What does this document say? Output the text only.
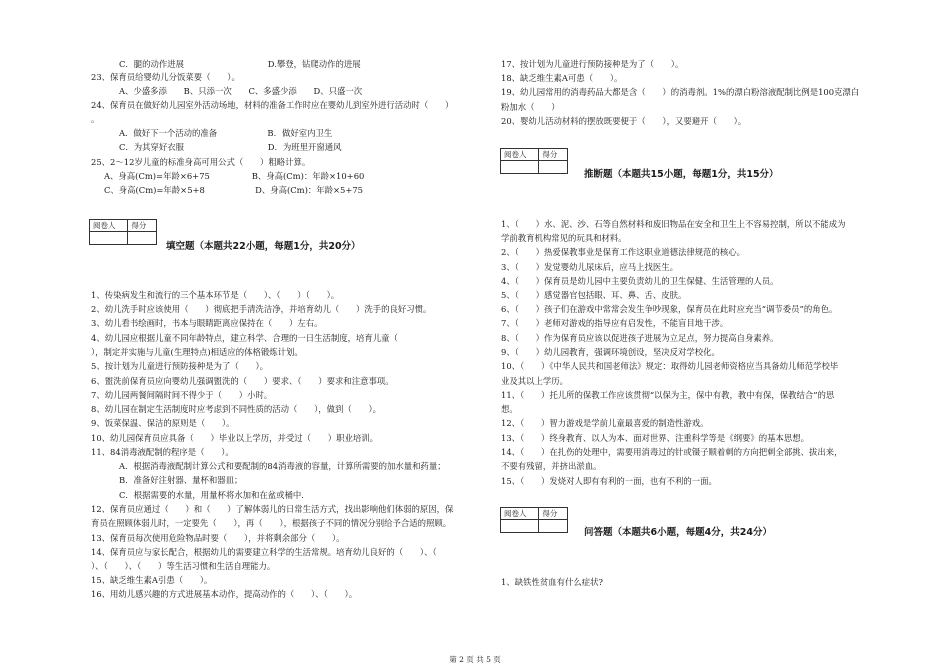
C．腿的动作进展　　　　　　　　　　D.攀登，钻爬动作的进展
23、保育员给婴幼儿分饭菜要（　　）。
A、少盛多添　　B、只添一次　　C、多盛少添　　D、只盛一次
24、保育员在做好幼儿园室外活动场地，材料的准备工作时应在婴幼儿到室外进行活动时（　　）
。
A．做好下一个活动的准备　　　　　　B．做好室内卫生
C．为其穿好衣服　　　　　　　　　　D．为班里开窗通风
25、2～12岁儿童的标准身高可用公式（　　）粗略计算。
A、身高(Cm)=年龄×6+75　　　　　B、身高(Cm)：年龄×10+60
C、身高(Cm)=年龄×5+8　　　　　　D、身高(Cm)：年龄×5+75
阅卷人	得分

填空题（本题共22小题，每题1分，共20分）
1、传染病发生和流行的三个基本环节是（　　）、（　　）（　　）。
2、幼儿洗手时应该使用（　　）彻底把手清洗洁净，并培育幼儿（　　）洗手的良好习惯。
3、幼儿看书绘画时，书本与眼睛距离应保持在（　　）左右。
4、幼儿园应根据儿童不同年龄特点，建立科学、合理的一日生活制度，培育儿童（　　
），制定并实施与儿童(生理特点)相适应的体格锻炼计划。
5、按计划为儿童进行预防接种是为了（　　）。
6、盥洗前保育员应向婴幼儿强调盥洗的（　　）要求、（　　）要求和注意事项。
7、幼儿园两餐间隔时间不得少于（　　）小时。
8、幼儿园在制定生活制度时应考虑到不同性质的活动（　　），做到（　　）。
9、饭菜保温、保洁的原则是（　　）。
10、幼儿园保育员应具备（　　）毕业以上学历，并受过（　　）职业培训。
11、84消毒液配制的程序是（　　）。
A．根据消毒液配制计算公式和要配制的84消毒液的容量，计算所需要的加水量和药量；
B．准备好注射器、量杯和器皿；
C．根据需要的水量，用量杯将水加和在盆或桶中.
12、保育员应通过（　　）和（　　）了解体弱儿的日常生活方式，找出影响他们体弱的原因，保
育员在照顾体弱儿时，一定要先（　　），再（　　），根据孩子不同的情况分别给予合适的照顾。
13、保育员每次使用危险物品时要（　　），并将剩余部分（　　）。
14、保育员应与家长配合，根据幼儿的需要建立科学的生活常规。培育幼儿良好的（　　）、（
）、（　　）、（　　）等生活习惯和生活自理能力。
15、缺乏维生素A引患（　　）。
16、用幼儿感兴趣的方式进展基本动作，提高动作的（　　）、（　　）。
17、按计划为儿童进行预防接种是为了（　　）。
18、缺乏维生素A可患（　　）。
19、幼儿园常用的消毒药品大都是含（　　）的消毒剂。1%的漂白粉溶液配制比例是100克漂白
粉加水（　　）
20、婴幼儿活动材料的摆放既要便于（　　），又要避开（　　）。
阅卷人	得分

推断题（本题共15小题，每题1分，共15分）
1、（　　）水、泥、沙、石等自然材料和废旧物品在安全和卫生上不容易控制，所以不能成为
学前教育机构常见的玩具和材料。
2、（　　）热爱保教事业是保育工作这职业道德法律规范的核心。
3、（　　）发觉婴幼儿尿床后，应马上找医生。
4、（　　）保育员是幼儿园中主要负责幼儿的卫生保健、生活管理的人员。
5、（　　）感觉器官包括眼、耳、鼻、舌、皮肤。
6、（　　）孩子们在游戏中常常会发生争吵现象，保育员在此时应充当“调节委员”的角色。
7、（　　）老师对游戏的指导应有启发性，不能盲目地干涉。
8、（　　）作为保育员应该以促进孩子进展为立足点，努力提高自身素养。
9、（　　）幼儿园教育，强调环境创设，坚决反对学校化。
10、（　　）《中华人民共和国老师法》规定：取得幼儿园老师资格应当具备幼儿师范学校毕
业及其以上学历。
11、（　　）托儿所的保教工作应该贯彻“以保为主，保中有教，教中有保，保教结合”的思
想。
12、（　　）智力游戏是学前儿童最喜爱的制造性游戏。
13、（　　）终身教育、以人为本、面对世界、注重科学等是《纲要》的基本思想。
14、（　　）在扎伤的处理中，需要用消毒过的针或镊子顺着刺的方向把刺全部挑、拔出来，
不要有残留，并挤出淤血。
15、（　　）发烧对人即有有利的一面，也有不利的一面。
阅卷人	得分

问答题（本题共6小题，每题4分，共24分）
1、缺铁性贫血有什么症状?
第 2 页 共 5 页
